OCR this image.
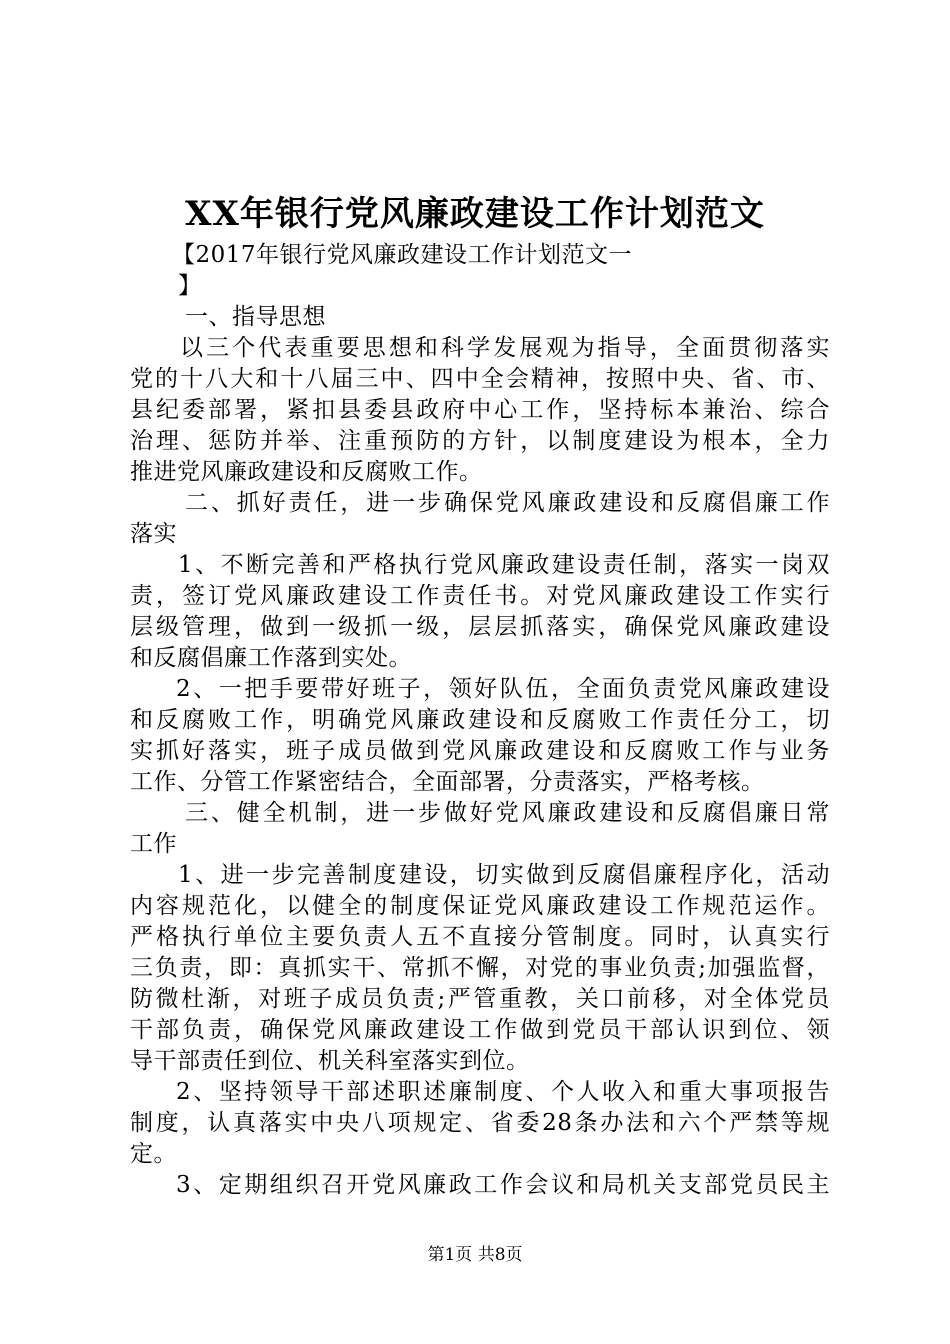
XX年银行党风廉政建设工作计划范文
【2017年银行党风廉政建设工作计划范文一
】
一、指导思想
以三个代表重要思想和科学发展观为指导，全面贯彻落实
党的十八大和十八届三中、四中全会精神，按照中央、省、市、
县纪委部署，紧扣县委县政府中心工作，坚持标本兼治、综合
治理、惩防并举、注重预防的方针，以制度建设为根本，全力
推进党风廉政建设和反腐败工作。
二、抓好责任，进一步确保党风廉政建设和反腐倡廉工作
落实
1、不断完善和严格执行党风廉政建设责任制，落实一岗双
责，签订党风廉政建设工作责任书。对党风廉政建设工作实行
层级管理，做到一级抓一级，层层抓落实，确保党风廉政建设
和反腐倡廉工作落到实处。
2、一把手要带好班子，领好队伍，全面负责党风廉政建设
和反腐败工作，明确党风廉政建设和反腐败工作责任分工，切
实抓好落实，班子成员做到党风廉政建设和反腐败工作与业务
工作、分管工作紧密结合，全面部署，分责落实，严格考核。
三、健全机制，进一步做好党风廉政建设和反腐倡廉日常
工作
1、进一步完善制度建设，切实做到反腐倡廉程序化，活动
内容规范化，以健全的制度保证党风廉政建设工作规范运作。
严格执行单位主要负责人五不直接分管制度。同时，认真实行
三负责，即：真抓实干、常抓不懈，对党的事业负责;加强监督，
防微杜渐，对班子成员负责;严管重教，关口前移，对全体党员
干部负责，确保党风廉政建设工作做到党员干部认识到位、领
导干部责任到位、机关科室落实到位。
2、坚持领导干部述职述廉制度、个人收入和重大事项报告
制度，认真落实中央八项规定、省委28条办法和六个严禁等规
定。
3、定期组织召开党风廉政工作会议和局机关支部党员民主
第1页 共8页
